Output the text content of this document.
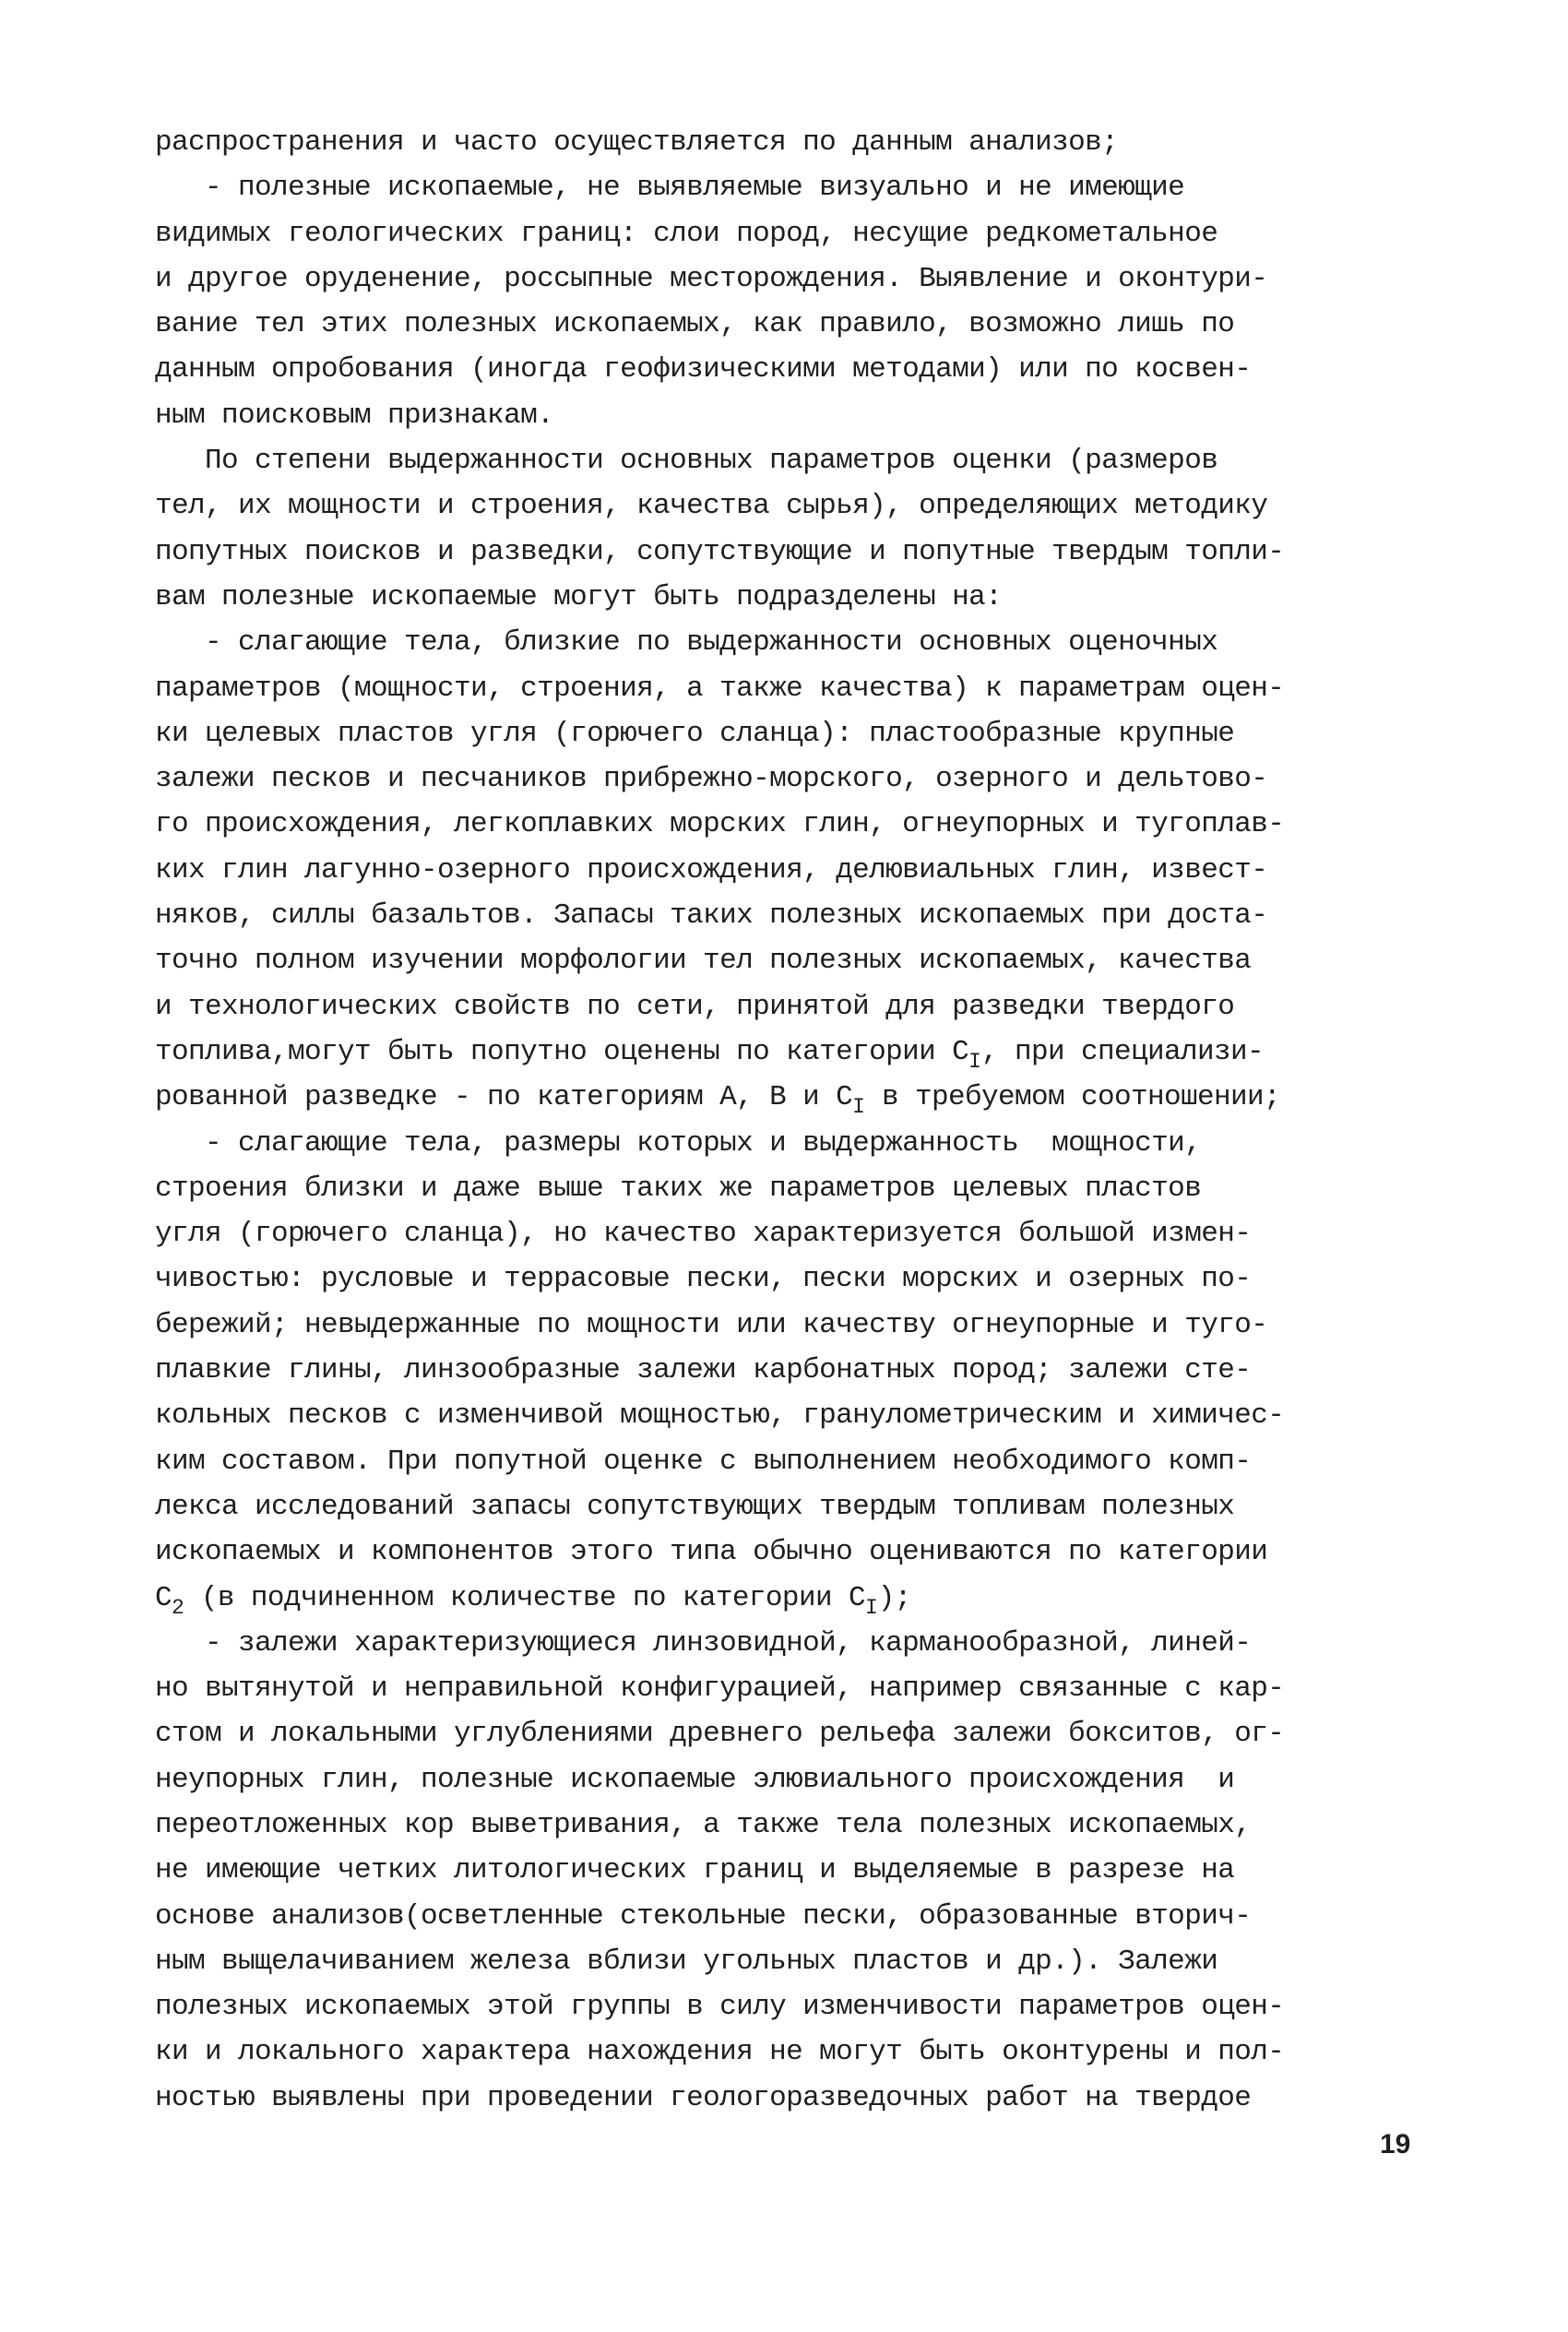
распространения и часто осуществляется по данным анализов;
- полезные ископаемые, не выявляемые визуально и не имеющие
видимых геологических границ: слои пород, несущие редкометальное
и другое оруденение, россыпные месторождения. Выявление и оконтури-
вание тел этих полезных ископаемых, как правило, возможно лишь по
данным опробования (иногда геофизическими методами) или по косвен-
ным поисковым признакам.
По степени выдержанности основных параметров оценки (размеров
тел, их мощности и строения, качества сырья), определяющих методику
попутных поисков и разведки, сопутствующие и попутные твердым топли-
вам полезные ископаемые могут быть подразделены на:
- слагающие тела, близкие по выдержанности основных оценочных
параметров (мощности, строения, а также качества) к параметрам оцен-
ки целевых пластов угля (горючего сланца): пластообразные крупные
залежи песков и песчаников прибрежно-морского, озерного и дельтово-
го происхождения, легкоплавких морских глин, огнеупорных и тугоплав-
ких глин лагунно-озерного происхождения, делювиальных глин, извест-
няков, силлы базальтов. Запасы таких полезных ископаемых при доста-
точно полном изучении морфологии тел полезных ископаемых, качества
и технологических свойств по сети, принятой для разведки твердого
топлива,могут быть попутно оценены по категории $C_I$, при специализи-
рованной разведке - по категориям A, B и $C_I$ в требуемом соотношении;
- слагающие тела, размеры которых и выдержанность  мощности,
строения близки и даже выше таких же параметров целевых пластов
угля (горючего сланца), но качество характеризуется большой измен-
чивостью: русловые и террасовые пески, пески морских и озерных по-
бережий; невыдержанные по мощности или качеству огнеупорные и туго-
плавкие глины, линзообразные залежи карбонатных пород; залежи сте-
кольных песков с изменчивой мощностью, гранулометрическим и химичес-
ким составом. При попутной оценке с выполнением необходимого комп-
лекса исследований запасы сопутствующих твердым топливам полезных
ископаемых и компонентов этого типа обычно оцениваются по категории
$C_2$ (в подчиненном количестве по категории $C_I$);
- залежи характеризующиеся линзовидной, карманообразной, линей-
но вытянутой и неправильной конфигурацией, например связанные с кар-
стом и локальными углублениями древнего рельефа залежи бокситов, ог-
неупорных глин, полезные ископаемые элювиального происхождения  и
переотложенных кор выветривания, а также тела полезных ископаемых,
не имеющие четких литологических границ и выделяемые в разрезе на
основе анализов(осветленные стекольные пески, образованные вторич-
ным выщелачиванием железа вблизи угольных пластов и др.). Залежи
полезных ископаемых этой группы в силу изменчивости параметров оцен-
ки и локального характера нахождения не могут быть оконтурены и пол-
ностью выявлены при проведении геологоразведочных работ на твердое
19
